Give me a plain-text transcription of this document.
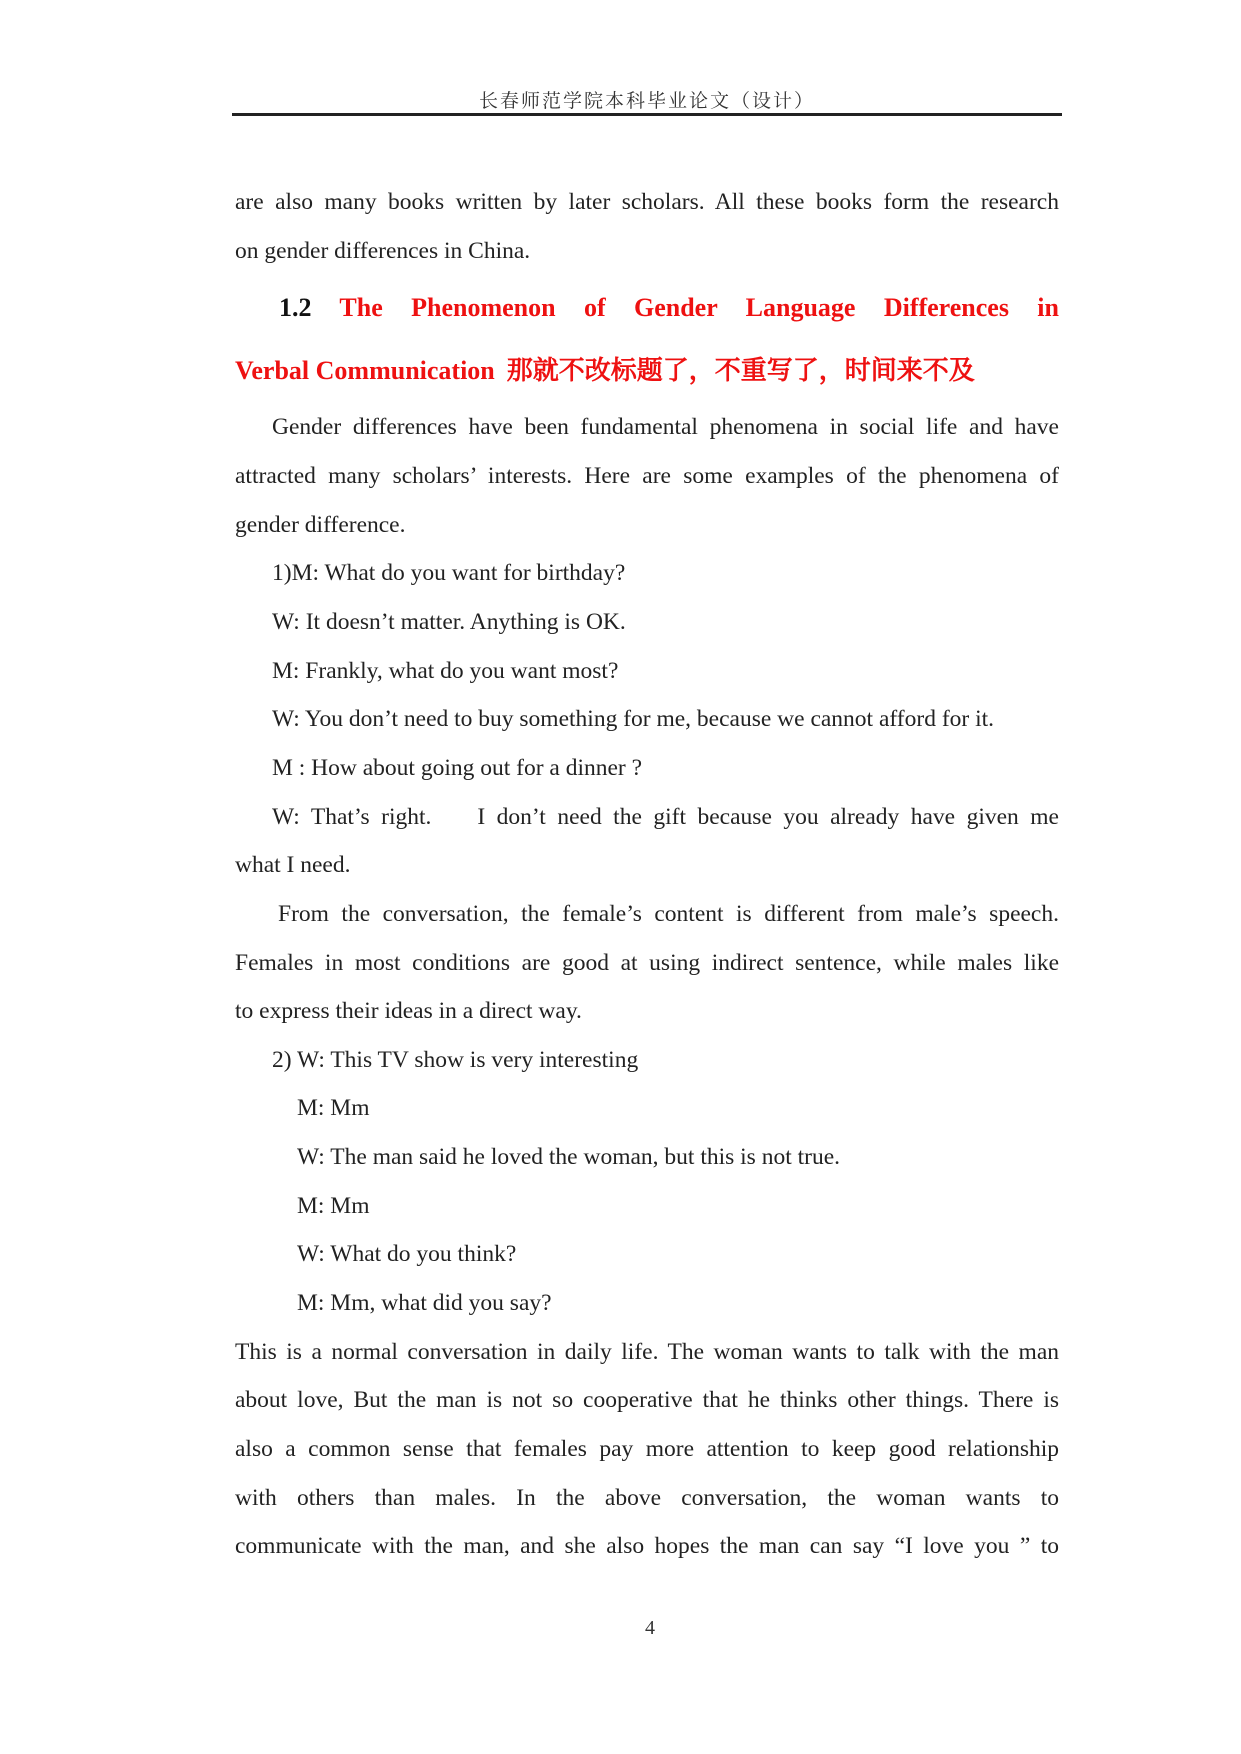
长春师范学院本科毕业论文（设计）
are also many books written by later scholars. All these books form the research
on gender differences in China.
1.2 The Phenomenon of Gender Language Differences in
Verbal Communication 那就不改标题了，不重写了，时间来不及
Gender differences have been fundamental phenomena in social life and have
attracted many scholars’ interests. Here are some examples of the phenomena of
gender difference.
1)M: What do you want for birthday?
W: It doesn’t matter. Anything is OK.
M: Frankly, what do you want most?
W: You don’t need to buy something for me, because we cannot afford for it.
M : How about going out for a dinner ?
W: That’s right.    I don’t need the gift because you already have given me
what I need.
From the conversation, the female’s content is different from male’s speech.
Females in most conditions are good at using indirect sentence, while males like
to express their ideas in a direct way.
2) W: This TV show is very interesting
M: Mm
W: The man said he loved the woman, but this is not true.
M: Mm
W: What do you think?
M: Mm, what did you say?
This is a normal conversation in daily life. The woman wants to talk with the man
about love, But the man is not so cooperative that he thinks other things. There is
also a common sense that females pay more attention to keep good relationship
with others than males. In the above conversation, the woman wants to
communicate with the man, and she also hopes the man can say “I love you ” to
4
